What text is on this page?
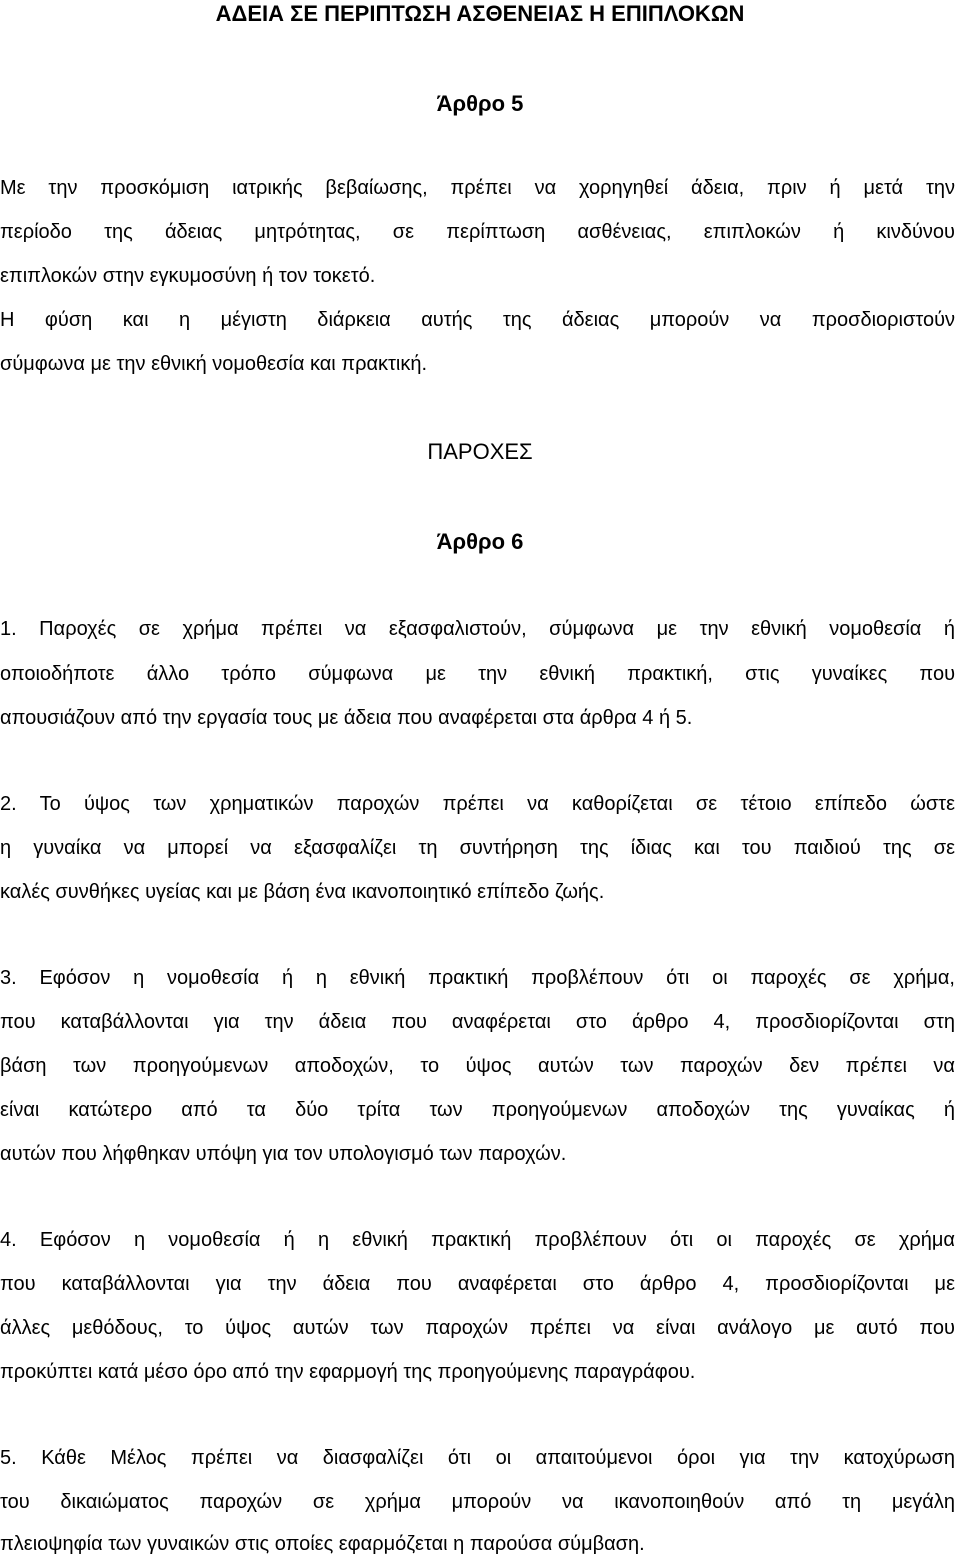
ΑΔΕΙΑ ΣΕ ΠΕΡΙΠΤΩΣΗ ΑΣΘΕΝΕΙΑΣ Η ΕΠΙΠΛΟΚΩΝ
Άρθρο 5
Με την προσκόμιση ιατρικής βεβαίωσης, πρέπει να χορηγηθεί άδεια, πριν ή μετά την
περίοδο της άδειας μητρότητας, σε περίπτωση ασθένειας, επιπλοκών ή κινδύνου
επιπλοκών στην εγκυμοσύνη ή τον τοκετό.
Η φύση και η μέγιστη διάρκεια αυτής της άδειας μπορούν να προσδιοριστούν
σύμφωνα με την εθνική νομοθεσία και πρακτική.
ΠΑΡΟΧΕΣ
Άρθρο 6
1. Παροχές σε χρήμα πρέπει να εξασφαλιστούν, σύμφωνα με την εθνική νομοθεσία ή
οποιοδήποτε άλλο τρόπο σύμφωνα με την εθνική πρακτική, στις γυναίκες που
απουσιάζουν από την εργασία τους με άδεια που αναφέρεται στα άρθρα 4 ή 5.
2. Το ύψος των χρηματικών παροχών πρέπει να καθορίζεται σε τέτοιο επίπεδο ώστε
η γυναίκα να μπορεί να εξασφαλίζει τη συντήρηση της ίδιας και του παιδιού της σε
καλές συνθήκες υγείας και με βάση ένα ικανοποιητικό επίπεδο ζωής.
3. Εφόσον η νομοθεσία ή η εθνική πρακτική προβλέπουν ότι οι παροχές σε χρήμα,
που καταβάλλονται για την άδεια που αναφέρεται στο άρθρο 4, προσδιορίζονται στη
βάση των προηγούμενων αποδοχών, το ύψος αυτών των παροχών δεν πρέπει να
είναι κατώτερο από τα δύο τρίτα των προηγούμενων αποδοχών της γυναίκας ή
αυτών που λήφθηκαν υπόψη για τον υπολογισμό των παροχών.
4. Εφόσον η νομοθεσία ή η εθνική πρακτική προβλέπουν ότι οι παροχές σε χρήμα
που καταβάλλονται για την άδεια που αναφέρεται στο άρθρο 4, προσδιορίζονται με
άλλες μεθόδους, το ύψος αυτών των παροχών πρέπει να είναι ανάλογο με αυτό που
προκύπτει κατά μέσο όρο από την εφαρμογή της προηγούμενης παραγράφου.
5. Κάθε Μέλος πρέπει να διασφαλίζει ότι οι απαιτούμενοι όροι για την κατοχύρωση
του δικαιώματος παροχών σε χρήμα μπορούν να ικανοποιηθούν από τη μεγάλη
πλειοψηφία των γυναικών στις οποίες εφαρμόζεται η παρούσα σύμβαση.
